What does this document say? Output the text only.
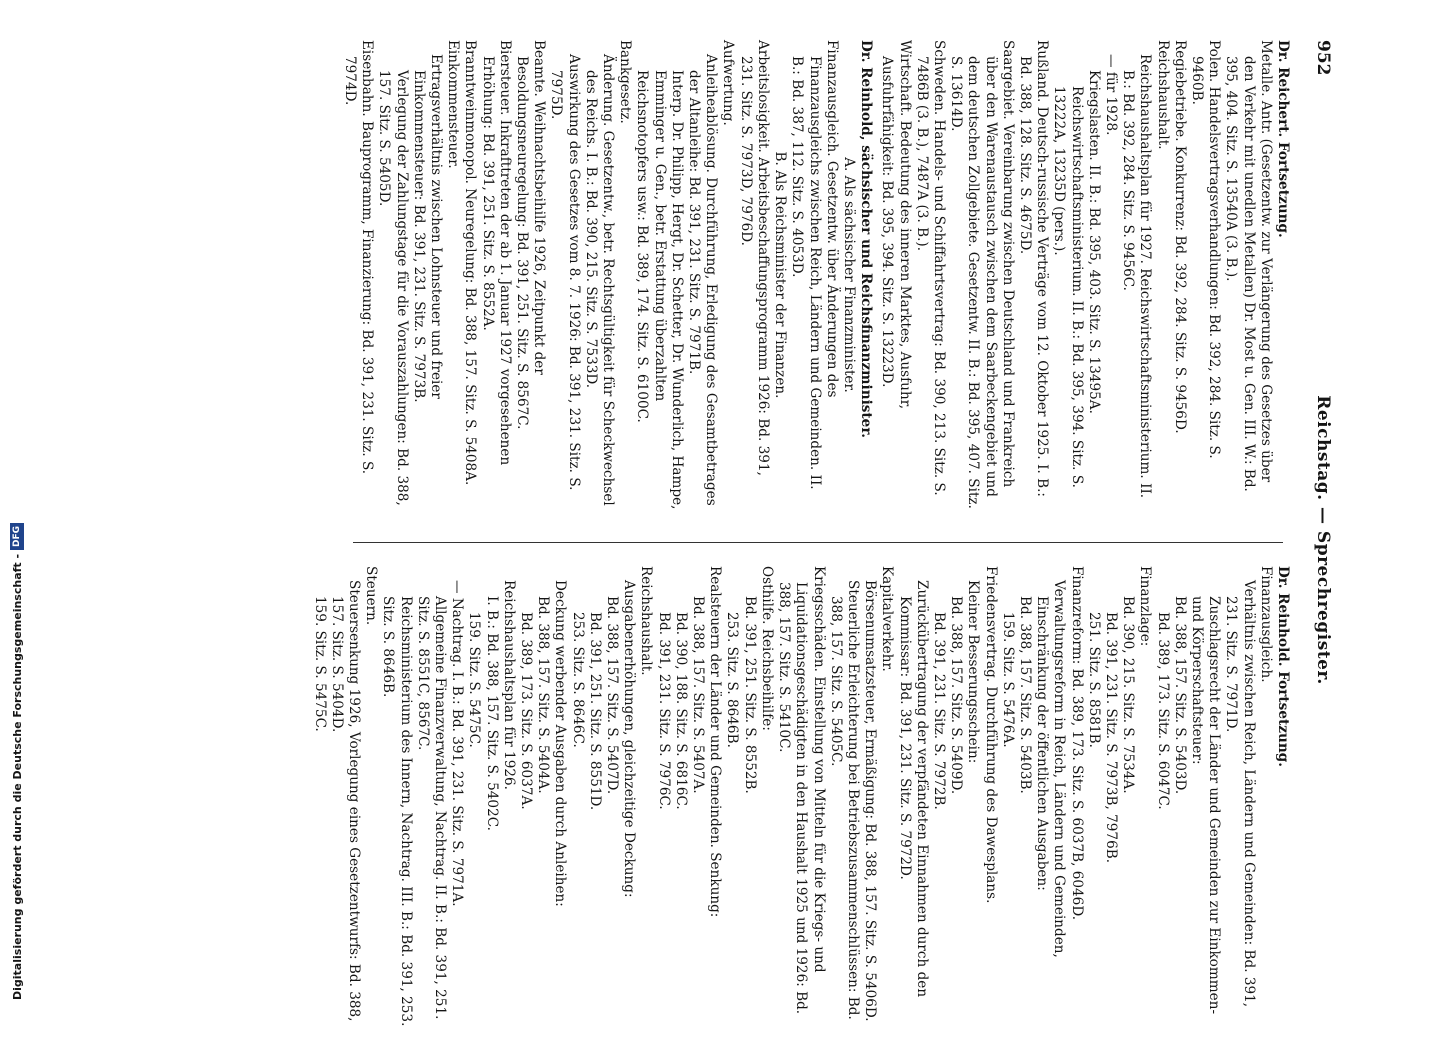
952
Reichstag. — Sprechregister.

Dr. Reichert. Fortsetzung.

Metalle. Antr. (Gesetzentw. zur Verlängerung des Gesetzes über den Verkehr mit unedlen Metallen) Dr. Most u. Gen. III. W.: Bd. 395, 404. Sitz. S. 13540A (3. B.).

Polen. Handelsvertragsverhandlungen: Bd. 392, 284. Sitz. S. 9460B.

Regiebetriebe. Konkurrenz: Bd. 392, 284. Sitz. S. 9456D.

Reichshaushalt.

Reichshaushaltsplan für 1927. Reichswirtschaftsministerium. II. B.: Bd. 392, 284. Sitz. S. 9456C.

— für 1928.

Kriegslasten. II. B.: Bd. 395, 403. Sitz. S. 13495A.
Reichswirtschaftsministerium. II. B.: Bd. 395, 394. Sitz. S. 13222A, 13235D (pers.).

Rußland. Deutsch-russische Verträge vom 12. Oktober 1925. I. B.: Bd. 388, 128. Sitz. S. 4675D.

Saargebiet. Vereinbarung zwischen Deutschland und Frankreich über den Warenaustausch zwischen dem Saarbeckengebiet und dem deutschen Zollgebiete. Gesetzentw. II. B.: Bd. 395, 407. Sitz. S. 13614D.

Schweden. Handels- und Schiffahrtsvertrag: Bd. 390, 213. Sitz. S. 7486B (3. B.), 7487A (3. B.).

Wirtschaft. Bedeutung des inneren Marktes, Ausfuhr, Ausfuhrfähigkeit: Bd. 395, 394. Sitz. S. 13223D.

Dr. Reinhold, sächsischer und Reichsfinanzminister.

A. Als sächsischer Finanzminister.

Finanzausgleich. Gesetzentw. über Änderungen des Finanzausgleichs zwischen Reich, Ländern und Gemeinden. II. B.: Bd. 387, 112. Sitz. S. 4053D.

B. Als Reichsminister der Finanzen.

Arbeitslosigkeit. Arbeitsbeschaffungsprogramm 1926: Bd. 391, 231. Sitz. S. 7973D, 7976D.

Aufwertung.

Anleiheablösung. Durchführung, Erledigung des Gesamtbetrages der Altanleihe: Bd. 391, 231. Sitz. S. 7971B.
Interp. Dr. Philipp, Hergt, Dr. Schetter, Dr. Wunderlich, Hampe, Emminger u. Gen., betr. Erstattung überzahlten Reichsnotopfers usw.: Bd. 389, 174. Sitz. S. 6100C.

Bankgesetz.

Änderung. Gesetzentw., betr. Rechtsgültigkeit für Scheckwechsel des Reichs. I. B.: Bd. 390, 215. Sitz. S. 7533D.

Auswirkung des Gesetzes vom 8. 7. 1926: Bd. 391, 231. Sitz. S. 7975D.

Beamte. Weihnachtsbeihilfe 1926, Zeitpunkt der Besoldungsneuregelung: Bd. 391, 251. Sitz. S. 8567C.

Biersteuer. Inkrafttreten der ab 1. Januar 1927 vorgesehenen Erhöhung: Bd. 391, 251. Sitz. S. 8552A.

Branntweinmonopol. Neuregelung: Bd. 388, 157. Sitz. S. 5408A.

Einkommensteuer.

Ertragsverhältnis zwischen Lohnsteuer und freier Einkommensteuer: Bd. 391, 231. Sitz. S. 7973B.
Verlegung der Zahlungstage für die Vorauszahlungen: Bd. 388, 157. Sitz. S. 5405D.

Eisenbahn. Bauprogramm, Finanzierung: Bd. 391, 231. Sitz. S. 7974D.

Dr. Reinhold. Fortsetzung.

Finanzausgleich.

Verhältnis zwischen Reich, Ländern und Gemeinden: Bd. 391, 231. Sitz. S. 7971D.
Zuschlagsrecht der Länder und Gemeinden zur Einkommen- und Körperschaftsteuer:

Bd. 388, 157. Sitz. S. 5403D.
Bd. 389, 173. Sitz. S. 6047C.

Finanzlage:

Bd. 390, 215. Sitz. S. 7534A.
Bd. 391, 231. Sitz. S. 7973B, 7976B.
251. Sitz. S. 8581B.

Finanzreform: Bd. 389, 173. Sitz. S. 6037B, 6046D.

Verwaltungsreform in Reich, Ländern und Gemeinden, Einschränkung der öffentlichen Ausgaben:

Bd. 388, 157. Sitz. S. 5403B.
159. Sitz. S. 5476A.

Friedensvertrag. Durchführung des Dawesplans.

Kleiner Besserungsschein:

Bd. 388, 157. Sitz. S. 5409D.
Bd. 391, 231. Sitz. S. 7972B.

Zurückübertragung der verpfändeten Einnahmen durch den Kommissar: Bd. 391, 231. Sitz. S. 7972D.

Kapitalverkehr.

Börsenumsatzsteuer, Ermäßigung: Bd. 388, 157. Sitz. S. 5406D.

Steuerliche Erleichterung bei Betriebszusammenschlüssen: Bd. 388, 157. Sitz. S. 5405C.

Kriegsschäden. Einstellung von Mitteln für die Kriegs- und Liquidationsgeschädigten in den Haushalt 1925 und 1926: Bd. 388, 157. Sitz. S. 5410C.

Osthilfe. Reichsbeihilfe:

Bd. 391, 251. Sitz. S. 8552B.
253. Sitz. S. 8646B.

Realsteuern der Länder und Gemeinden. Senkung:

Bd. 388, 157. Sitz. S. 5407A.
Bd. 390, 188. Sitz. S. 6816C.
Bd. 391, 231. Sitz. S. 7976C.

Reichshaushalt.

Ausgabenerhöhungen, gleichzeitige Deckung:

Bd. 388, 157. Sitz. S. 5407D.
Bd. 391, 251. Sitz. S. 8551D.
253. Sitz. S. 8646C.

Deckung werbender Ausgaben durch Anleihen:

Bd. 388, 157. Sitz. S. 5404A.
Bd. 389, 173. Sitz. S. 6037A.

Reichshaushaltsplan für 1926.

I. B.: Bd. 388, 157. Sitz. S. 5402C.
159. Sitz. S. 5475C.

— Nachtrag. I. B.: Bd. 391, 231. Sitz. S. 7971A.
Allgemeine Finanzverwaltung, Nachtrag. II. B.: Bd. 391, 251. Sitz. S. 8551C, 8567C.
Reichsministerium des Innern, Nachtrag. III. B.: Bd. 391, 253. Sitz. S. 8646B.

Steuern.

Steuersenkung 1926, Vorlegung eines Gesetzentwurfs: Bd. 388, 157. Sitz. S. 5404D.
159. Sitz. S. 5475C.

Digitalisierung gefördert durch die Deutsche Forschungsgemeinschaft -
DFG
